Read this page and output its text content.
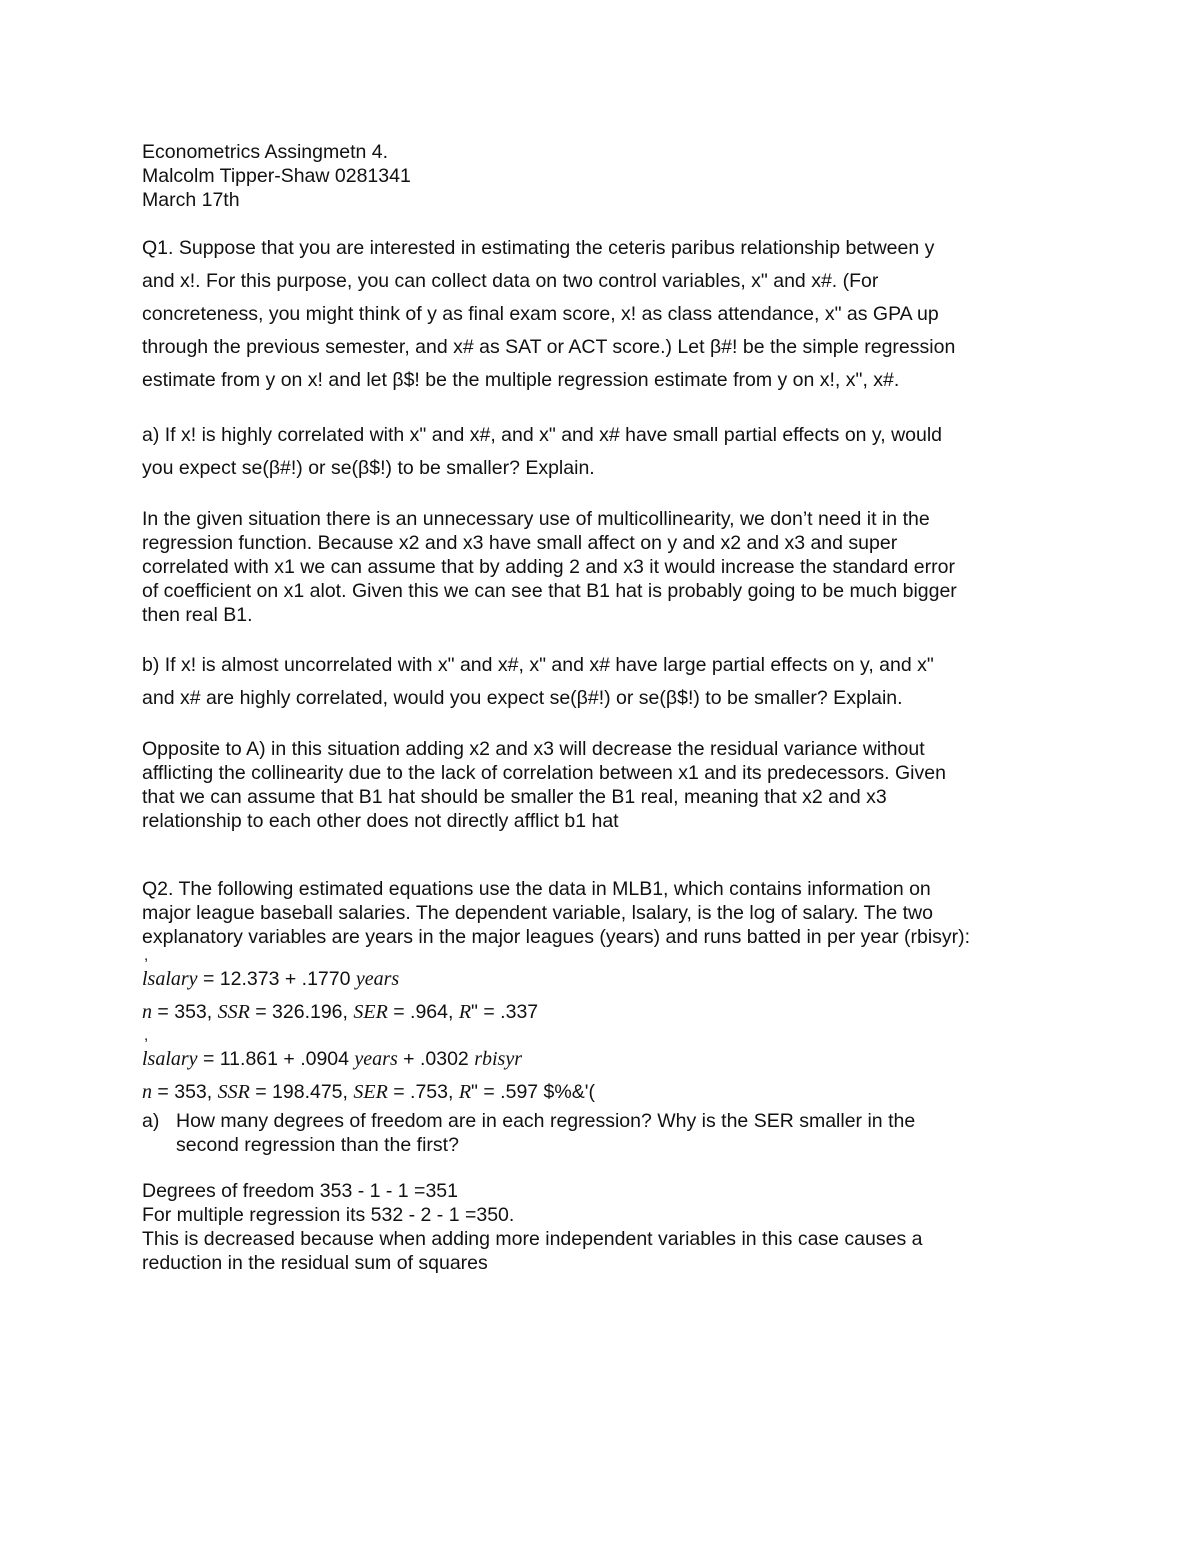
Econometrics Assingmetn 4.
Malcolm Tipper-Shaw 0281341
March 17th
Q1. Suppose that you are interested in estimating the ceteris paribus relationship between y
and x!. For this purpose, you can collect data on two control variables, x" and x#. (For
concreteness, you might think of y as final exam score, x! as class attendance, x" as GPA up
through the previous semester, and x# as SAT or ACT score.) Let β#! be the simple regression
estimate from y on x! and let β$! be the multiple regression estimate from y on x!, x", x#.
a) If x! is highly correlated with x" and x#, and x" and x# have small partial effects on y, would
you expect se(β#!) or se(β$!) to be smaller? Explain.
In the given situation there is an unnecessary use of multicollinearity, we don’t need it in the
regression function. Because x2 and x3 have small affect on y and x2 and x3 and super
correlated with x1 we can assume that by adding 2 and x3 it would increase the standard error
of coefficient on x1 alot. Given this we can see that B1 hat is probably going to be much bigger
then real B1.
b) If x! is almost uncorrelated with x" and x#, x" and x# have large partial effects on y, and x"
and x# are highly correlated, would you expect se(β#!) or se(β$!) to be smaller? Explain.
Opposite to A) in this situation adding x2 and x3 will decrease the residual variance without
afflicting the collinearity due to the lack of correlation between x1 and its predecessors. Given
that we can assume that B1 hat should be smaller the B1 real, meaning that x2 and x3
relationship to each other does not directly afflict b1 hat
Q2. The following estimated equations use the data in MLB1, which contains information on
major league baseball salaries. The dependent variable, lsalary, is the log of salary. The two
explanatory variables are years in the major leagues (years) and runs batted in per year (rbisyr):
,
lsalary = 12.373 + .1770 years
n = 353, SSR = 326.196, SER = .964, R" = .337
,
lsalary = 11.861 + .0904 years + .0302 rbisyr
n = 353, SSR = 198.475, SER = .753, R" = .597 $%&'(
a) How many degrees of freedom are in each regression? Why is the SER smaller in the
second regression than the first?
Degrees of freedom 353 - 1 - 1 =351
For multiple regression its 532 - 2 - 1 =350.
This is decreased because when adding more independent variables in this case causes a
reduction in the residual sum of squares
